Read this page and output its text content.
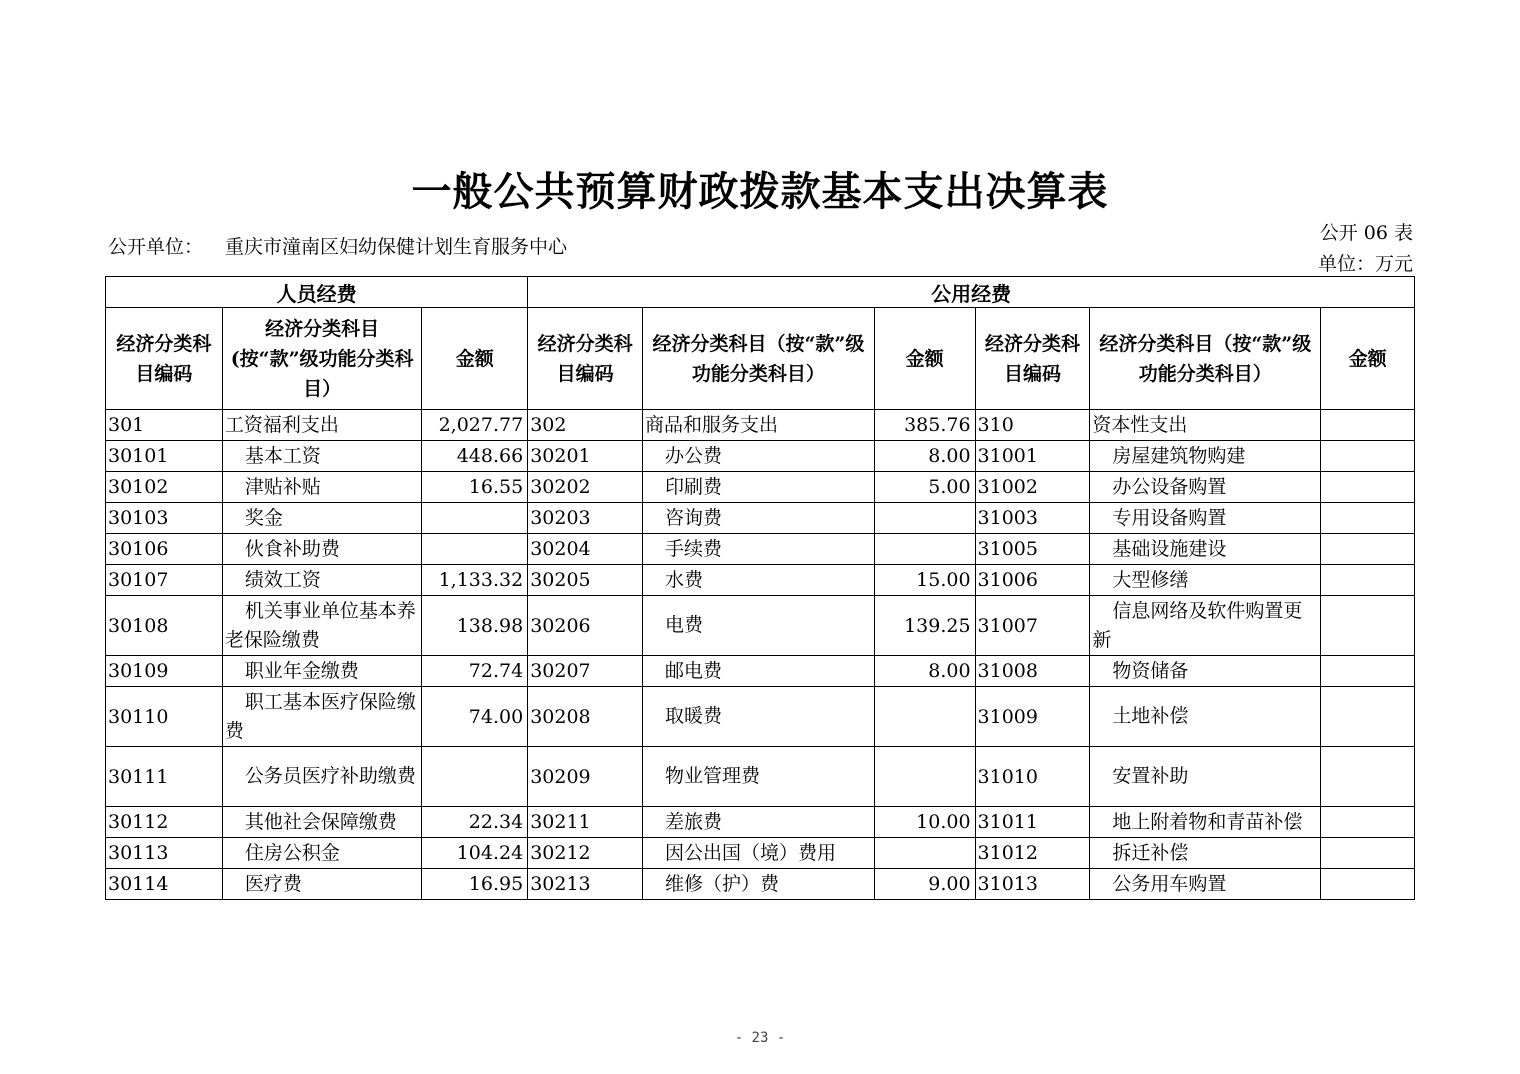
一般公共预算财政拨款基本支出决算表
公开单位： 重庆市潼南区妇幼保健计划生育服务中心
公开 06 表
单位：万元
人员经费			公用经费					
经济分类科目编码	经济分类科目(按“款”级功能分类科目）	金额	经济分类科目编码	经济分类科目（按“款”级功能分类科目）	金额	经济分类科目编码	经济分类科目（按“款”级功能分类科目）	金额
301	工资福利支出	2,027.77	302	商品和服务支出	385.76	310	资本性支出	
30101	基本工资	448.66	30201	办公费	8.00	31001	房屋建筑物购建	
30102	津贴补贴	16.55	30202	印刷费	5.00	31002	办公设备购置	
30103	奖金		30203	咨询费		31003	专用设备购置	
30106	伙食补助费		30204	手续费		31005	基础设施建设	
30107	绩效工资	1,133.32	30205	水费	15.00	31006	大型修缮	
30108	机关事业单位基本养老保险缴费	138.98	30206	电费	139.25	31007	信息网络及软件购置更新	
30109	职业年金缴费	72.74	30207	邮电费	8.00	31008	物资储备	
30110	职工基本医疗保险缴费	74.00	30208	取暖费		31009	土地补偿	
30111	公务员医疗补助缴费		30209	物业管理费		31010	安置补助	
30112	其他社会保障缴费	22.34	30211	差旅费	10.00	31011	地上附着物和青苗补偿	
30113	住房公积金	104.24	30212	因公出国（境）费用		31012	拆迁补偿	
30114	医疗费	16.95	30213	维修（护）费	9.00	31013	公务用车购置	
- 23 -
